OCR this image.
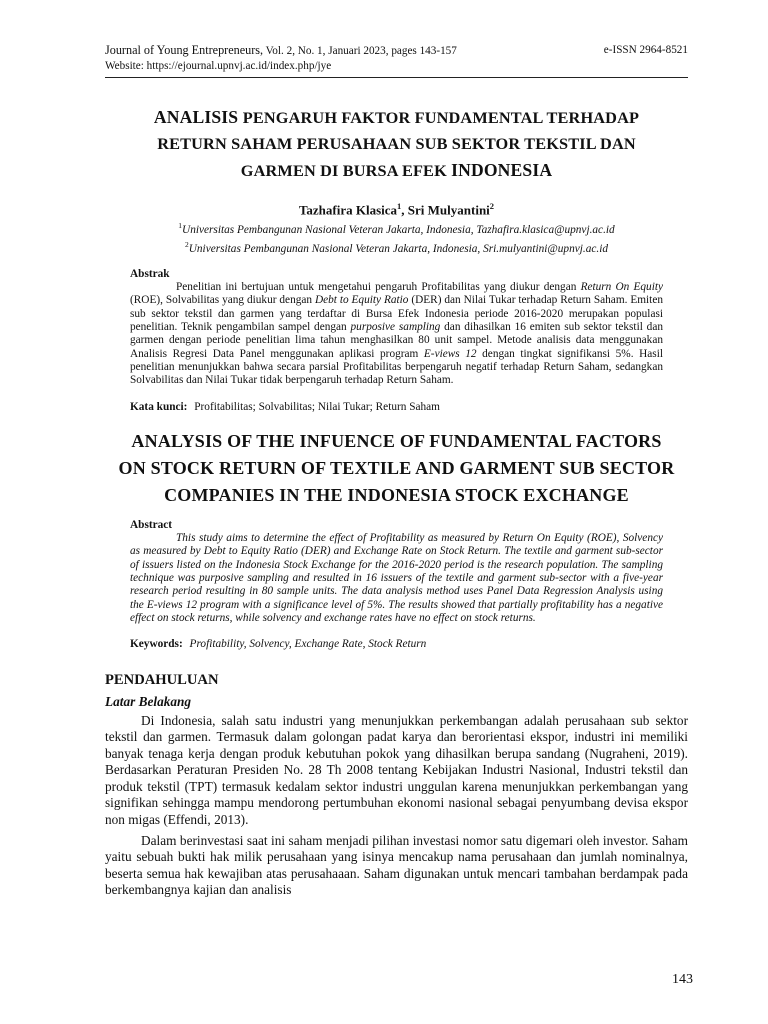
Journal of Young Entrepreneurs, Vol. 2, No. 1, Januari 2023, pages 143-157	e-ISSN 2964-8521
Website: https://ejournal.upnvj.ac.id/index.php/jye
ANALISIS PENGARUH FAKTOR FUNDAMENTAL TERHADAP
RETURN SAHAM PERUSAHAAN SUB SEKTOR TEKSTIL DAN
GARMEN DI BURSA EFEK INDONESIA
Tazhafira Klasica$^1$, Sri Mulyantini$^2$
$^1$Universitas Pembangunan Nasional Veteran Jakarta, Indonesia, Tazhafira.klasica@upnvj.ac.id
$^2$Universitas Pembangunan Nasional Veteran Jakarta, Indonesia, Sri.mulyantini@upnvj.ac.id
Abstrak
Penelitian ini bertujuan untuk mengetahui pengaruh Profitabilitas yang diukur dengan Return On Equity (ROE), Solvabilitas yang diukur dengan Debt to Equity Ratio (DER) dan Nilai Tukar terhadap Return Saham. Emiten sub sektor tekstil dan garmen yang terdaftar di Bursa Efek Indonesia periode 2016-2020 merupakan populasi penelitian. Teknik pengambilan sampel dengan purposive sampling dan dihasilkan 16 emiten sub sektor tekstil dan garmen dengan periode penelitian lima tahun menghasilkan 80 unit sampel. Metode analisis data menggunakan Analisis Regresi Data Panel menggunakan aplikasi program E-views 12 dengan tingkat signifikansi 5%. Hasil penelitian menunjukkan bahwa secara parsial Profitabilitas berpengaruh negatif terhadap Return Saham, sedangkan Solvabilitas dan Nilai Tukar tidak berpengaruh terhadap Return Saham.
Kata kunci: Profitabilitas; Solvabilitas; Nilai Tukar; Return Saham
ANALYSIS OF THE INFUENCE OF FUNDAMENTAL FACTORS
ON STOCK RETURN OF TEXTILE AND GARMENT SUB SECTOR
COMPANIES IN THE INDONESIA STOCK EXCHANGE
Abstract
This study aims to determine the effect of Profitability as measured by Return On Equity (ROE), Solvency as measured by Debt to Equity Ratio (DER) and Exchange Rate on Stock Return. The textile and garment sub-sector of issuers listed on the Indonesia Stock Exchange for the 2016-2020 period is the research population. The sampling technique was purposive sampling and resulted in 16 issuers of the textile and garment sub-sector with a five-year research period resulting in 80 sample units. The data analysis method uses Panel Data Regression Analysis using the E-views 12 program with a significance level of 5%. The results showed that partially profitability has a negative effect on stock returns, while solvency and exchange rates have no effect on stock returns.
Keywords: Profitability, Solvency, Exchange Rate, Stock Return
PENDAHULUAN
Latar Belakang

Di Indonesia, salah satu industri yang menunjukkan perkembangan adalah perusahaan sub sektor tekstil dan garmen. Termasuk dalam golongan padat karya dan berorientasi ekspor, industri ini memiliki banyak tenaga kerja dengan produk kebutuhan pokok yang dihasilkan berupa sandang (Nugraheni, 2019). Berdasarkan Peraturan Presiden No. 28 Th 2008 tentang Kebijakan Industri Nasional, Industri tekstil dan produk tekstil (TPT) termasuk kedalam sektor industri unggulan karena menunjukkan perkembangan yang signifikan sehingga mampu mendorong pertumbuhan ekonomi nasional sebagai penyumbang devisa ekspor non migas (Effendi, 2013).

Dalam berinvestasi saat ini saham menjadi pilihan investasi nomor satu digemari oleh investor. Saham yaitu sebuah bukti hak milik perusahaan yang isinya mencakup nama perusahaan dan jumlah nominalnya, beserta semua hak kewajiban atas perusahaaan. Saham digunakan untuk mencari tambahan berdampak pada berkembangnya kajian dan analisis

143
